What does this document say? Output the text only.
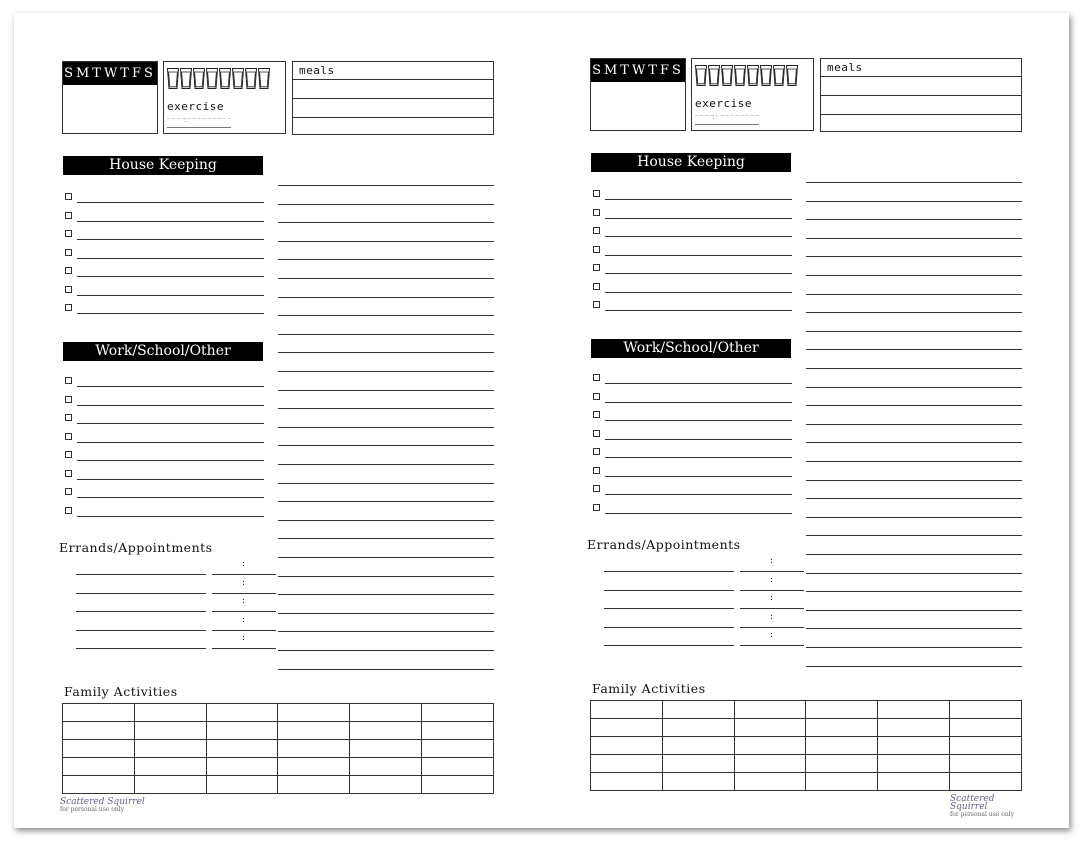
SMTWTFS
exercise
:
meals
House Keeping
Work/School/Other
Errands/Appointments
:
:
:
:
:
Family Activities

Scattered Squirrel
for personal use only
SMTWTFS
exercise
:
meals
House Keeping
Work/School/Other
Errands/Appointments
:
:
:
:
:
Family Activities

Scattered Squirrel
for personal use only
